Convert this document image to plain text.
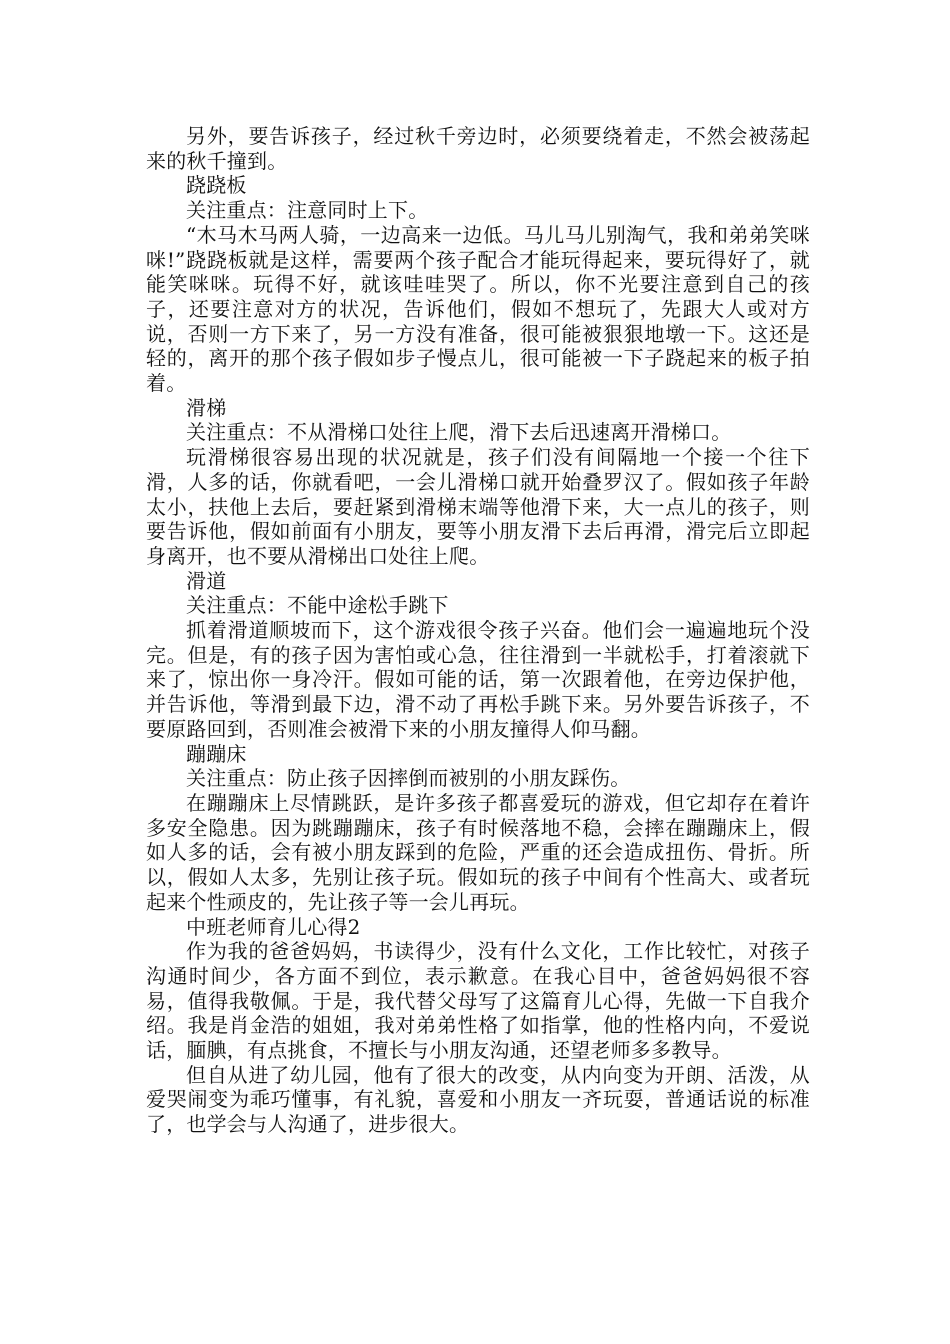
另外，要告诉孩子，经过秋千旁边时，必须要绕着走，不然会被荡起来的秋千撞到。

跷跷板

关注重点：注意同时上下。

“木马木马两人骑，一边高来一边低。马儿马儿别淘气，我和弟弟笑咪咪!”跷跷板就是这样，需要两个孩子配合才能玩得起来，要玩得好了，就能笑咪咪。玩得不好，就该哇哇哭了。所以，你不光要注意到自己的孩子，还要注意对方的状况，告诉他们，假如不想玩了，先跟大人或对方说，否则一方下来了，另一方没有准备，很可能被狠狠地墩一下。这还是轻的，离开的那个孩子假如步子慢点儿，很可能被一下子跷起来的板子拍着。

滑梯

关注重点：不从滑梯口处往上爬，滑下去后迅速离开滑梯口。

玩滑梯很容易出现的状况就是，孩子们没有间隔地一个接一个往下滑，人多的话，你就看吧，一会儿滑梯口就开始叠罗汉了。假如孩子年龄太小，扶他上去后，要赶紧到滑梯末端等他滑下来，大一点儿的孩子，则要告诉他，假如前面有小朋友，要等小朋友滑下去后再滑，滑完后立即起身离开，也不要从滑梯出口处往上爬。

滑道

关注重点：不能中途松手跳下

抓着滑道顺坡而下，这个游戏很令孩子兴奋。他们会一遍遍地玩个没完。但是，有的孩子因为害怕或心急，往往滑到一半就松手，打着滚就下来了，惊出你一身冷汗。假如可能的话，第一次跟着他，在旁边保护他，并告诉他，等滑到最下边，滑不动了再松手跳下来。另外要告诉孩子，不要原路回到，否则准会被滑下来的小朋友撞得人仰马翻。

蹦蹦床

关注重点：防止孩子因摔倒而被别的小朋友踩伤。

在蹦蹦床上尽情跳跃，是许多孩子都喜爱玩的游戏，但它却存在着许多安全隐患。因为跳蹦蹦床，孩子有时候落地不稳，会摔在蹦蹦床上，假如人多的话，会有被小朋友踩到的危险，严重的还会造成扭伤、骨折。所以，假如人太多，先别让孩子玩。假如玩的孩子中间有个性高大、或者玩起来个性顽皮的，先让孩子等一会儿再玩。

中班老师育儿心得2

作为我的爸爸妈妈，书读得少，没有什么文化，工作比较忙，对孩子沟通时间少，各方面不到位，表示歉意。在我心目中，爸爸妈妈很不容易，值得我敬佩。于是，我代替父母写了这篇育儿心得，先做一下自我介绍。我是肖金浩的姐姐，我对弟弟性格了如指掌，他的性格内向，不爱说话，腼腆，有点挑食，不擅长与小朋友沟通，还望老师多多教导。

但自从进了幼儿园，他有了很大的改变，从内向变为开朗、活泼，从爱哭闹变为乖巧懂事，有礼貌，喜爱和小朋友一齐玩耍，普通话说的标准了，也学会与人沟通了，进步很大。
